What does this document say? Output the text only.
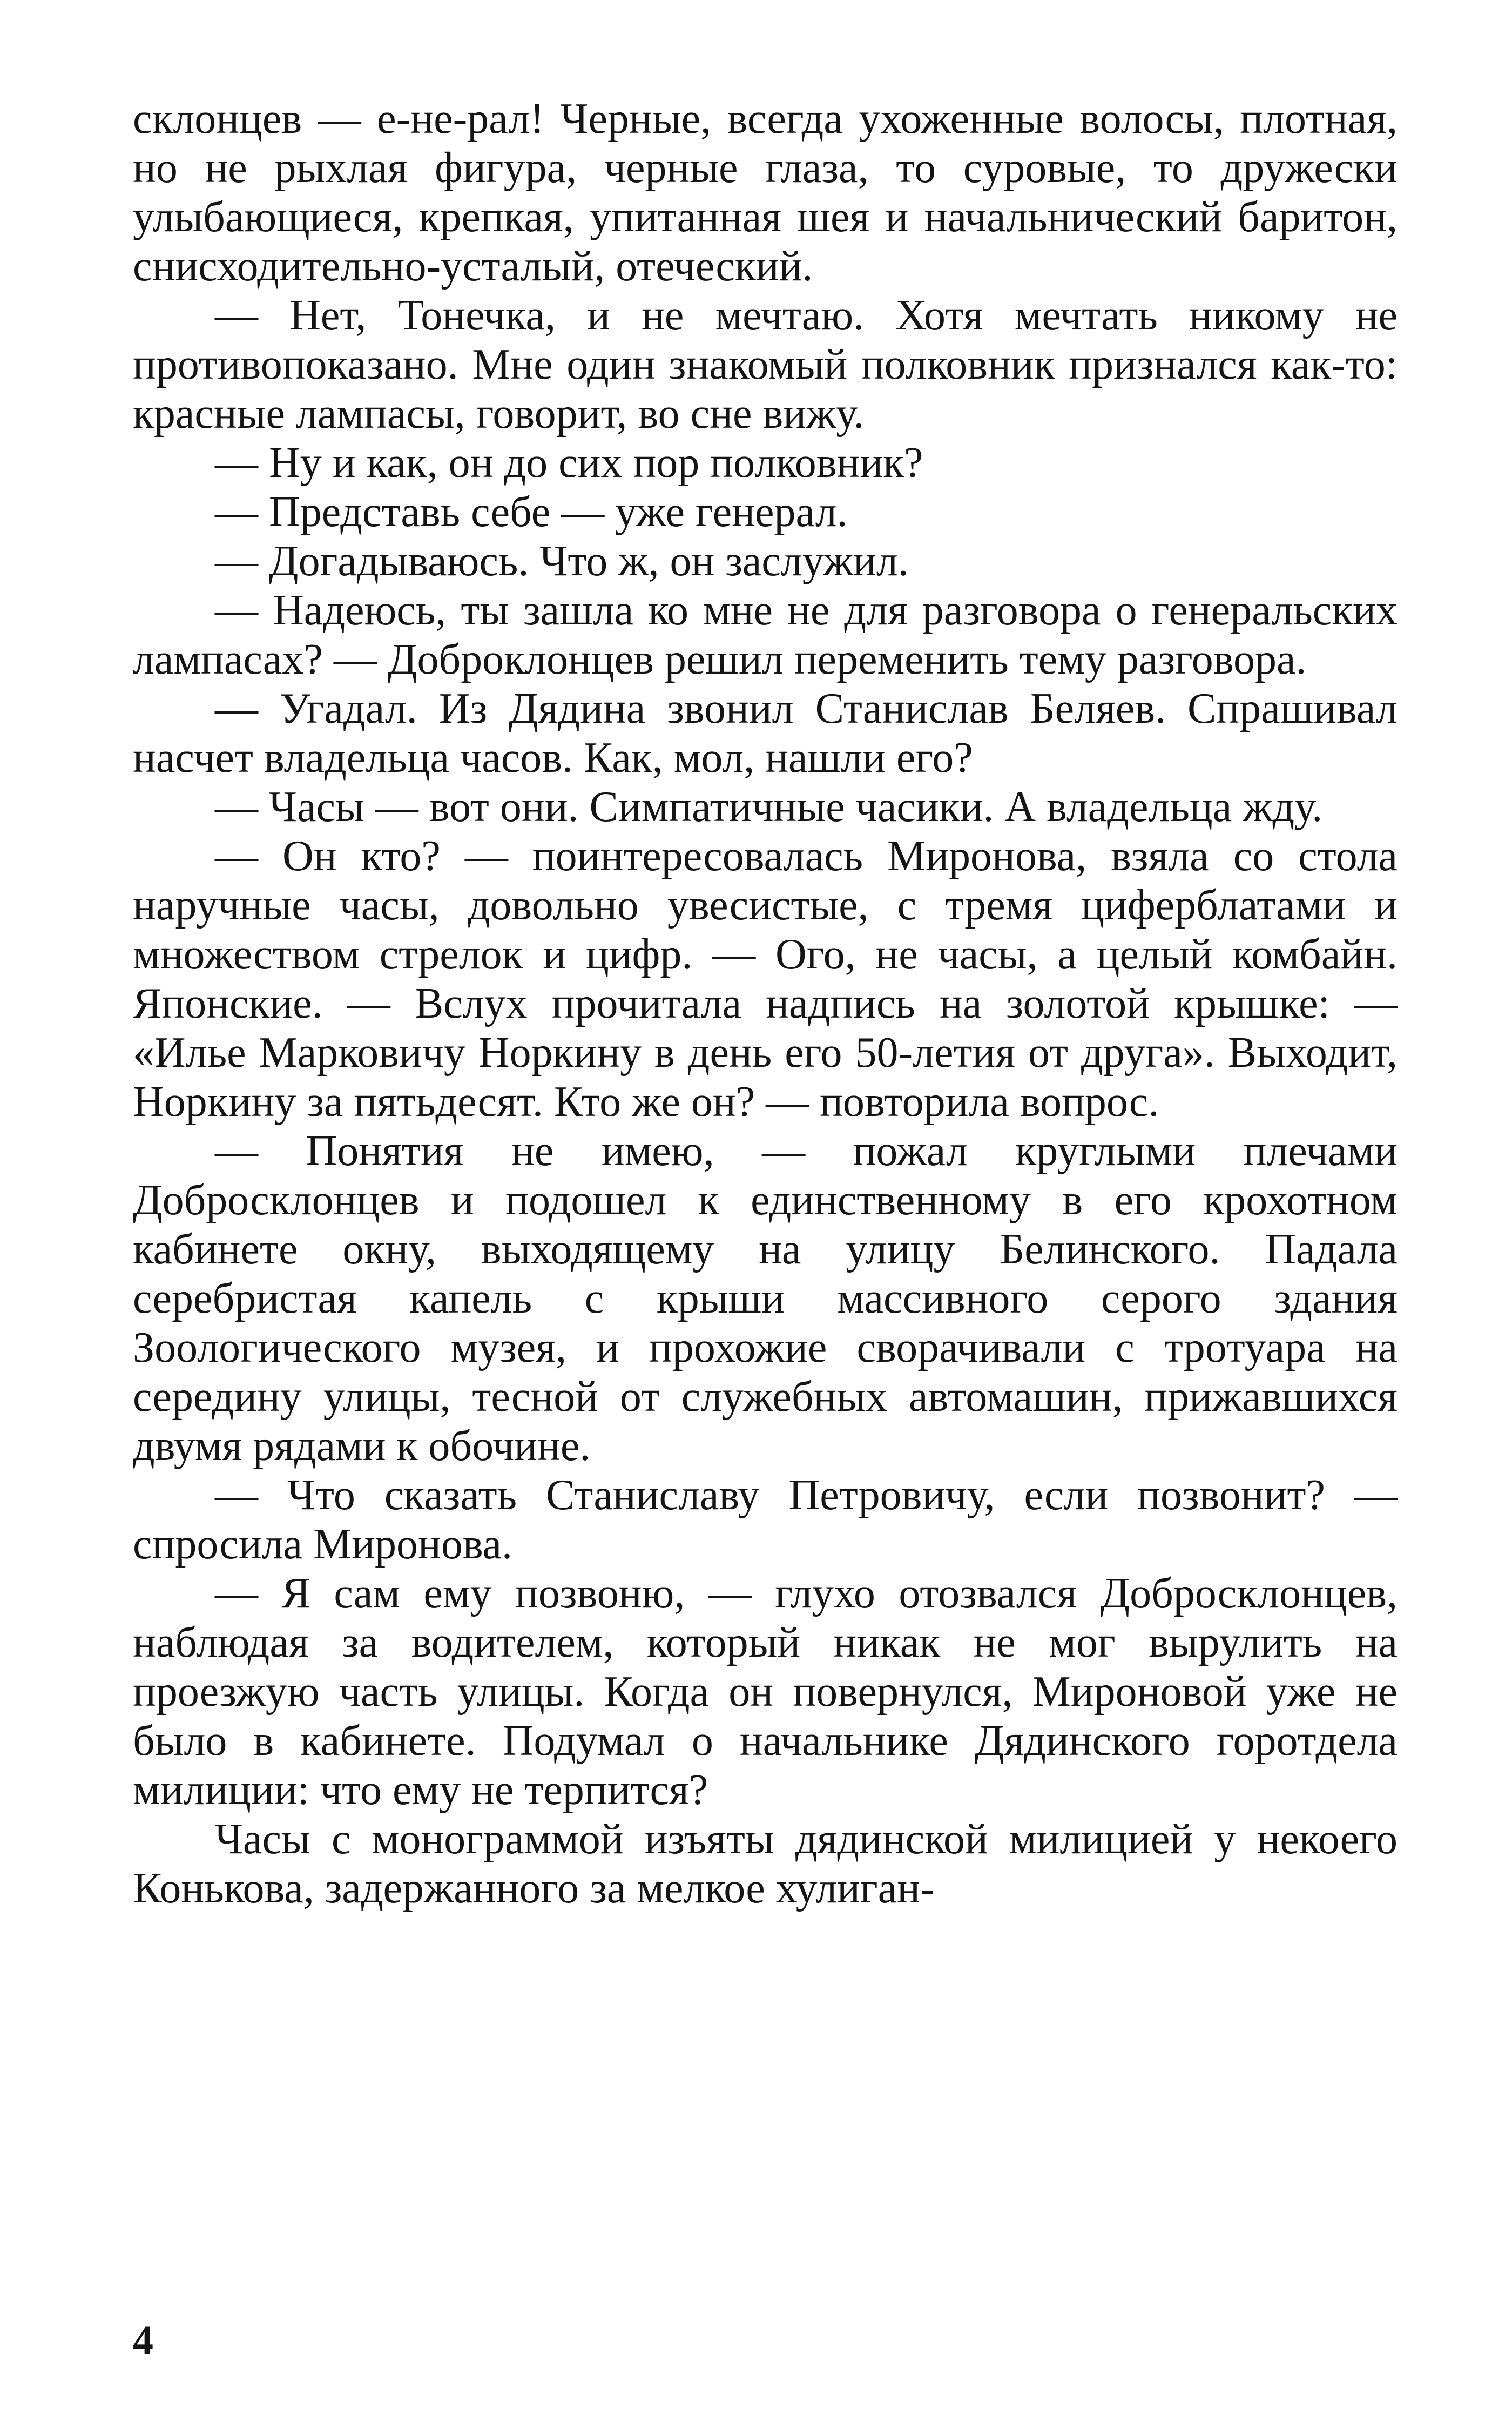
склонцев — е-не-рал! Черные, всегда ухоженные волосы, плотная, но не рыхлая фигура, черные глаза, то суровые, то дружески улыбающиеся, крепкая, упитанная шея и начальнический баритон, снисходительно-усталый, отеческий.

— Нет, Тонечка, и не мечтаю. Хотя мечтать никому не противопоказано. Мне один знакомый полковник признался как-то: красные лампасы, говорит, во сне вижу.

— Ну и как, он до сих пор полковник?

— Представь себе — уже генерал.

— Догадываюсь. Что ж, он заслужил.

— Надеюсь, ты зашла ко мне не для разговора о генеральских лампасах? — Доброклонцев решил переменить тему разговора.

— Угадал. Из Дядина звонил Станислав Беляев. Спрашивал насчет владельца часов. Как, мол, нашли его?

— Часы — вот они. Симпатичные часики. А владельца жду.

— Он кто? — поинтересовалась Миронова, взяла со стола наручные часы, довольно увесистые, с тремя циферблатами и множеством стрелок и цифр. — Ого, не часы, а целый комбайн. Японские. — Вслух прочитала надпись на золотой крышке: — «Илье Марковичу Норкину в день его 50-летия от друга». Выходит, Норкину за пятьдесят. Кто же он? — повторила вопрос.

— Понятия не имею, — пожал круглыми плечами Добросклонцев и подошел к единственному в его крохотном кабинете окну, выходящему на улицу Белинского. Падала серебристая капель с крыши массивного серого здания Зоологического музея, и прохожие сворачивали с тротуара на середину улицы, тесной от служебных автомашин, прижавшихся двумя рядами к обочине.

— Что сказать Станиславу Петровичу, если позвонит? — спросила Миронова.

— Я сам ему позвоню, — глухо отозвался Добросклонцев, наблюдая за водителем, который никак не мог вырулить на проезжую часть улицы. Когда он повернулся, Мироновой уже не было в кабинете. Подумал о начальнике Дядинского горотдела милиции: что ему не терпится?

Часы с монограммой изъяты дядинской милицией у некоего Конькова, задержанного за мелкое хулиган-

4
